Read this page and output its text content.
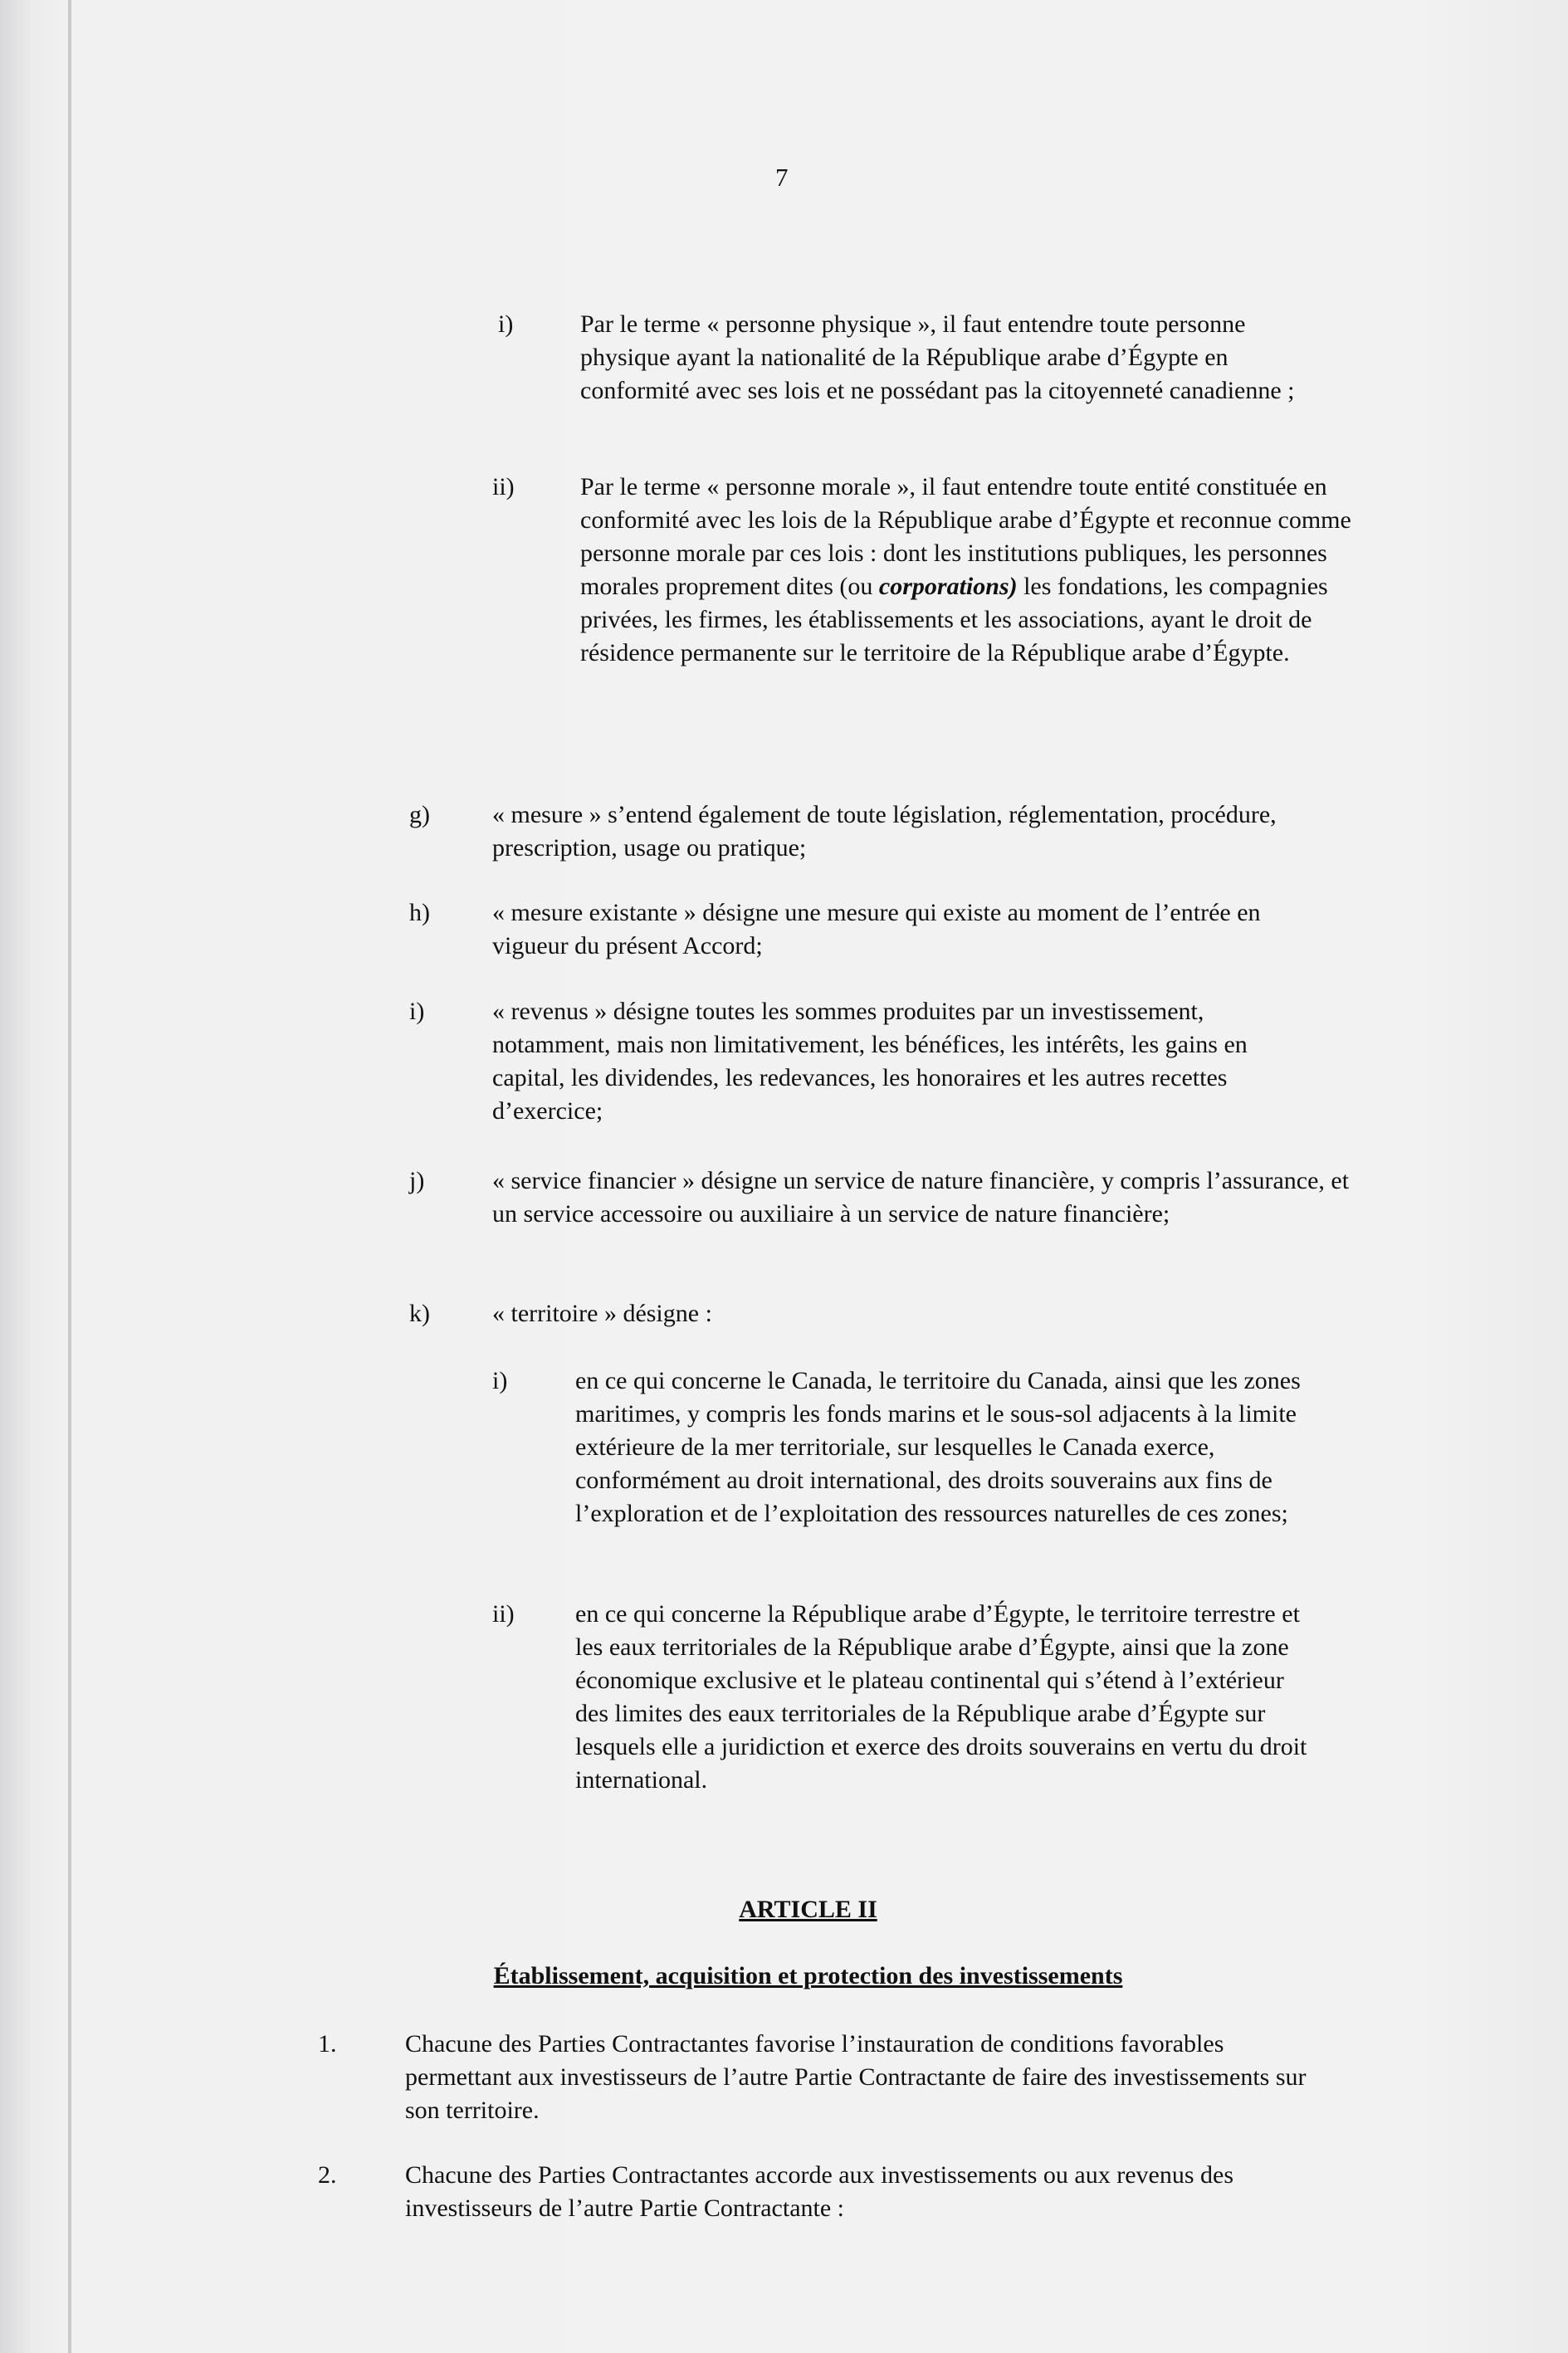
7
i)	Par le terme « personne physique », il faut entendre toute personne physique ayant la nationalité de la République arabe d’Égypte en conformité avec ses lois et ne possédant pas la citoyenneté canadienne ;
ii)	Par le terme « personne morale », il faut entendre toute entité constituée en conformité avec les lois de la République arabe d’Égypte et reconnue comme personne morale par ces lois : dont les institutions publiques, les personnes morales proprement dites (ou corporations) les fondations, les compagnies privées, les firmes, les établissements et les associations, ayant le droit de résidence permanente sur le territoire de la République arabe d’Égypte.
g)	« mesure » s’entend également de toute législation, réglementation, procédure, prescription, usage ou pratique;
h)	« mesure existante » désigne une mesure qui existe au moment de l’entrée en vigueur du présent Accord;
i)	« revenus » désigne toutes les sommes produites par un investissement, notamment, mais non limitativement, les bénéfices, les intérêts, les gains en capital, les dividendes, les redevances, les honoraires et les autres recettes d’exercice;
j)	« service financier » désigne un service de nature financière, y compris l’assurance, et un service accessoire ou auxiliaire à un service de nature financière;
k)	« territoire » désigne :
i)	en ce qui concerne le Canada, le territoire du Canada, ainsi que les zones maritimes, y compris les fonds marins et le sous-sol adjacents à la limite extérieure de la mer territoriale, sur lesquelles le Canada exerce, conformément au droit international, des droits souverains aux fins de l’exploration et de l’exploitation des ressources naturelles de ces zones;
ii) en ce qui concerne la République arabe d’Égypte, le territoire terrestre et les eaux territoriales de la République arabe d’Égypte, ainsi que la zone économique exclusive et le plateau continental qui s’étend à l’extérieur des limites des eaux territoriales de la République arabe d’Égypte sur lesquels elle a juridiction et exerce des droits souverains en vertu du droit international.
ARTICLE II
Établissement, acquisition et protection des investissements
1.	Chacune des Parties Contractantes favorise l’instauration de conditions favorables permettant aux investisseurs de l’autre Partie Contractante de faire des investissements sur son territoire.
2.	Chacune des Parties Contractantes accorde aux investissements ou aux revenus des investisseurs de l’autre Partie Contractante :
